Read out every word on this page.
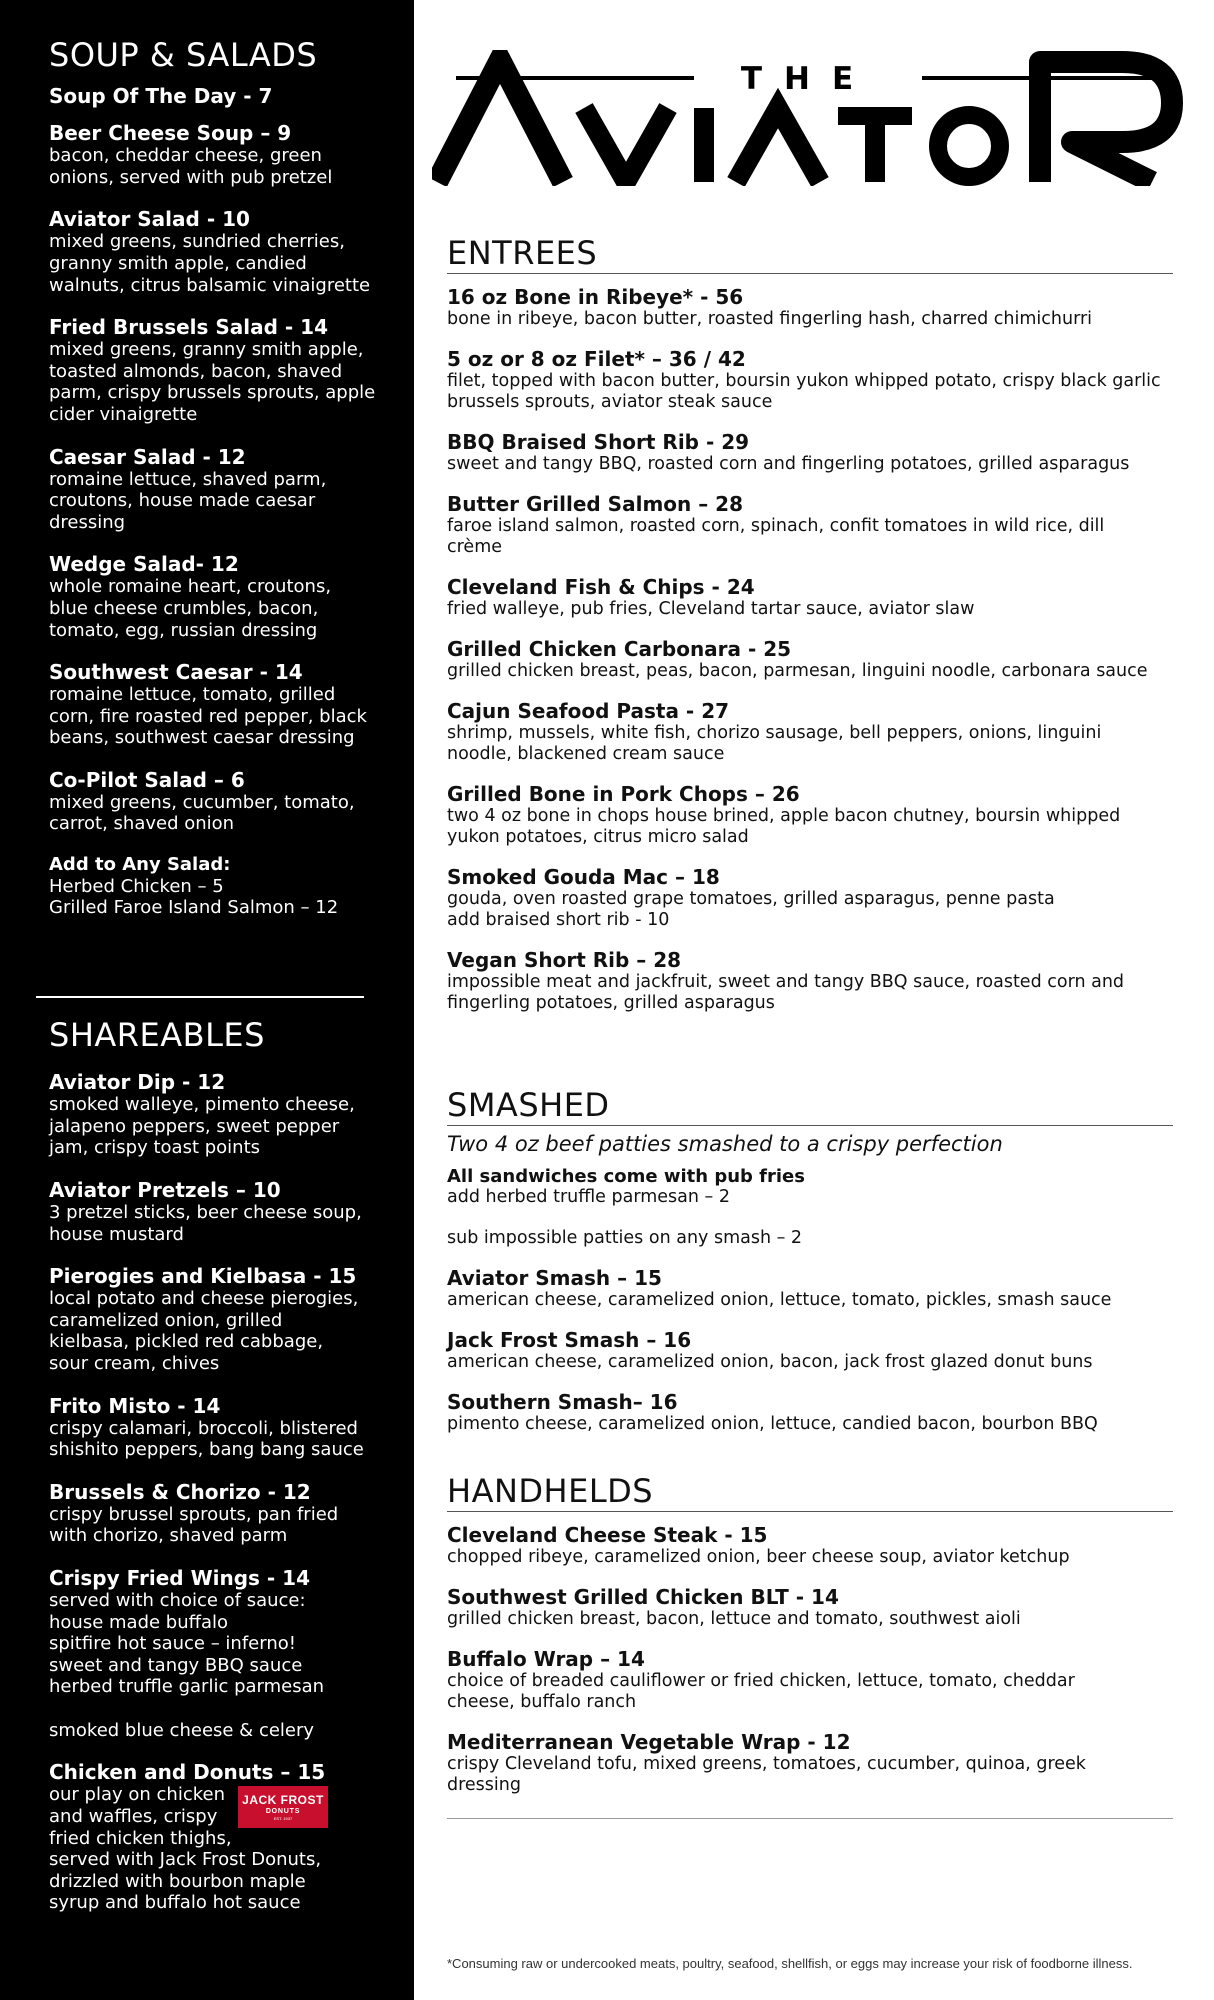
SOUP & SALADS
Soup Of The Day - 7
Beer Cheese Soup – 9
bacon, cheddar cheese, green
onions, served with pub pretzel
Aviator Salad - 10
mixed greens, sundried cherries,
granny smith apple, candied
walnuts, citrus balsamic vinaigrette
Fried Brussels Salad - 14
mixed greens, granny smith apple,
toasted almonds, bacon, shaved
parm, crispy brussels sprouts, apple
cider vinaigrette
Caesar Salad - 12
romaine lettuce, shaved parm,
croutons, house made caesar
dressing
Wedge Salad- 12
whole romaine heart, croutons,
blue cheese crumbles, bacon,
tomato, egg, russian dressing
Southwest Caesar - 14
romaine lettuce, tomato, grilled
corn, fire roasted red pepper, black
beans, southwest caesar dressing
Co-Pilot Salad – 6
mixed greens, cucumber, tomato,
carrot, shaved onion
Add to Any Salad:
Herbed Chicken – 5
Grilled Faroe Island Salmon – 12
SHAREABLES
Aviator Dip - 12
smoked walleye, pimento cheese,
jalapeno peppers, sweet pepper
jam, crispy toast points
Aviator Pretzels – 10
3 pretzel sticks, beer cheese soup,
house mustard
Pierogies and Kielbasa - 15
local potato and cheese pierogies,
caramelized onion, grilled
kielbasa, pickled red cabbage,
sour cream, chives
Frito Misto - 14
crispy calamari, broccoli, blistered
shishito peppers, bang bang sauce
Brussels & Chorizo - 12
crispy brussel sprouts, pan fried
with chorizo, shaved parm
Crispy Fried Wings - 14
served with choice of sauce:
house made buffalo
spitfire hot sauce – inferno!
sweet and tangy BBQ sauce
herbed truffle garlic parmesan
smoked blue cheese & celery
Chicken and Donuts – 15
our play on chicken
and waffles, crispy
fried chicken thighs,
served with Jack Frost Donuts,
drizzled with bourbon maple
syrup and buffalo hot sauce
JACK FROST
DONUTS
EST. 1937
THE
ENTREES
16 oz Bone in Ribeye* - 56
bone in ribeye, bacon butter, roasted fingerling hash, charred chimichurri
5 oz or 8 oz Filet* – 36 / 42
filet, topped with bacon butter, boursin yukon whipped potato, crispy black garlic
brussels sprouts, aviator steak sauce
BBQ Braised Short Rib - 29
sweet and tangy BBQ, roasted corn and fingerling potatoes, grilled asparagus
Butter Grilled Salmon – 28
faroe island salmon, roasted corn, spinach, confit tomatoes in wild rice, dill
crème
Cleveland Fish & Chips - 24
fried walleye, pub fries, Cleveland tartar sauce, aviator slaw
Grilled Chicken Carbonara - 25
grilled chicken breast, peas, bacon, parmesan, linguini noodle, carbonara sauce
Cajun Seafood Pasta - 27
shrimp, mussels, white fish, chorizo sausage, bell peppers, onions, linguini
noodle, blackened cream sauce
Grilled Bone in Pork Chops – 26
two 4 oz bone in chops house brined, apple bacon chutney, boursin whipped
yukon potatoes, citrus micro salad
Smoked Gouda Mac – 18
gouda, oven roasted grape tomatoes, grilled asparagus, penne pasta
add braised short rib - 10
Vegan Short Rib – 28
impossible meat and jackfruit, sweet and tangy BBQ sauce, roasted corn and
fingerling potatoes, grilled asparagus
SMASHED
Two 4 oz beef patties smashed to a crispy perfection
All sandwiches come with pub fries
add herbed truffle parmesan – 2
sub impossible patties on any smash – 2
Aviator Smash – 15
american cheese, caramelized onion, lettuce, tomato, pickles, smash sauce
Jack Frost Smash – 16
american cheese, caramelized onion, bacon, jack frost glazed donut buns
Southern Smash– 16
pimento cheese, caramelized onion, lettuce, candied bacon, bourbon BBQ
HANDHELDS
Cleveland Cheese Steak - 15
chopped ribeye, caramelized onion, beer cheese soup, aviator ketchup
Southwest Grilled Chicken BLT - 14
grilled chicken breast, bacon, lettuce and tomato, southwest aioli
Buffalo Wrap – 14
choice of breaded cauliflower or fried chicken, lettuce, tomato, cheddar
cheese, buffalo ranch
Mediterranean Vegetable Wrap - 12
crispy Cleveland tofu, mixed greens, tomatoes, cucumber, quinoa, greek
dressing
*Consuming raw or undercooked meats, poultry, seafood, shellfish, or eggs may increase your risk of foodborne illness.
